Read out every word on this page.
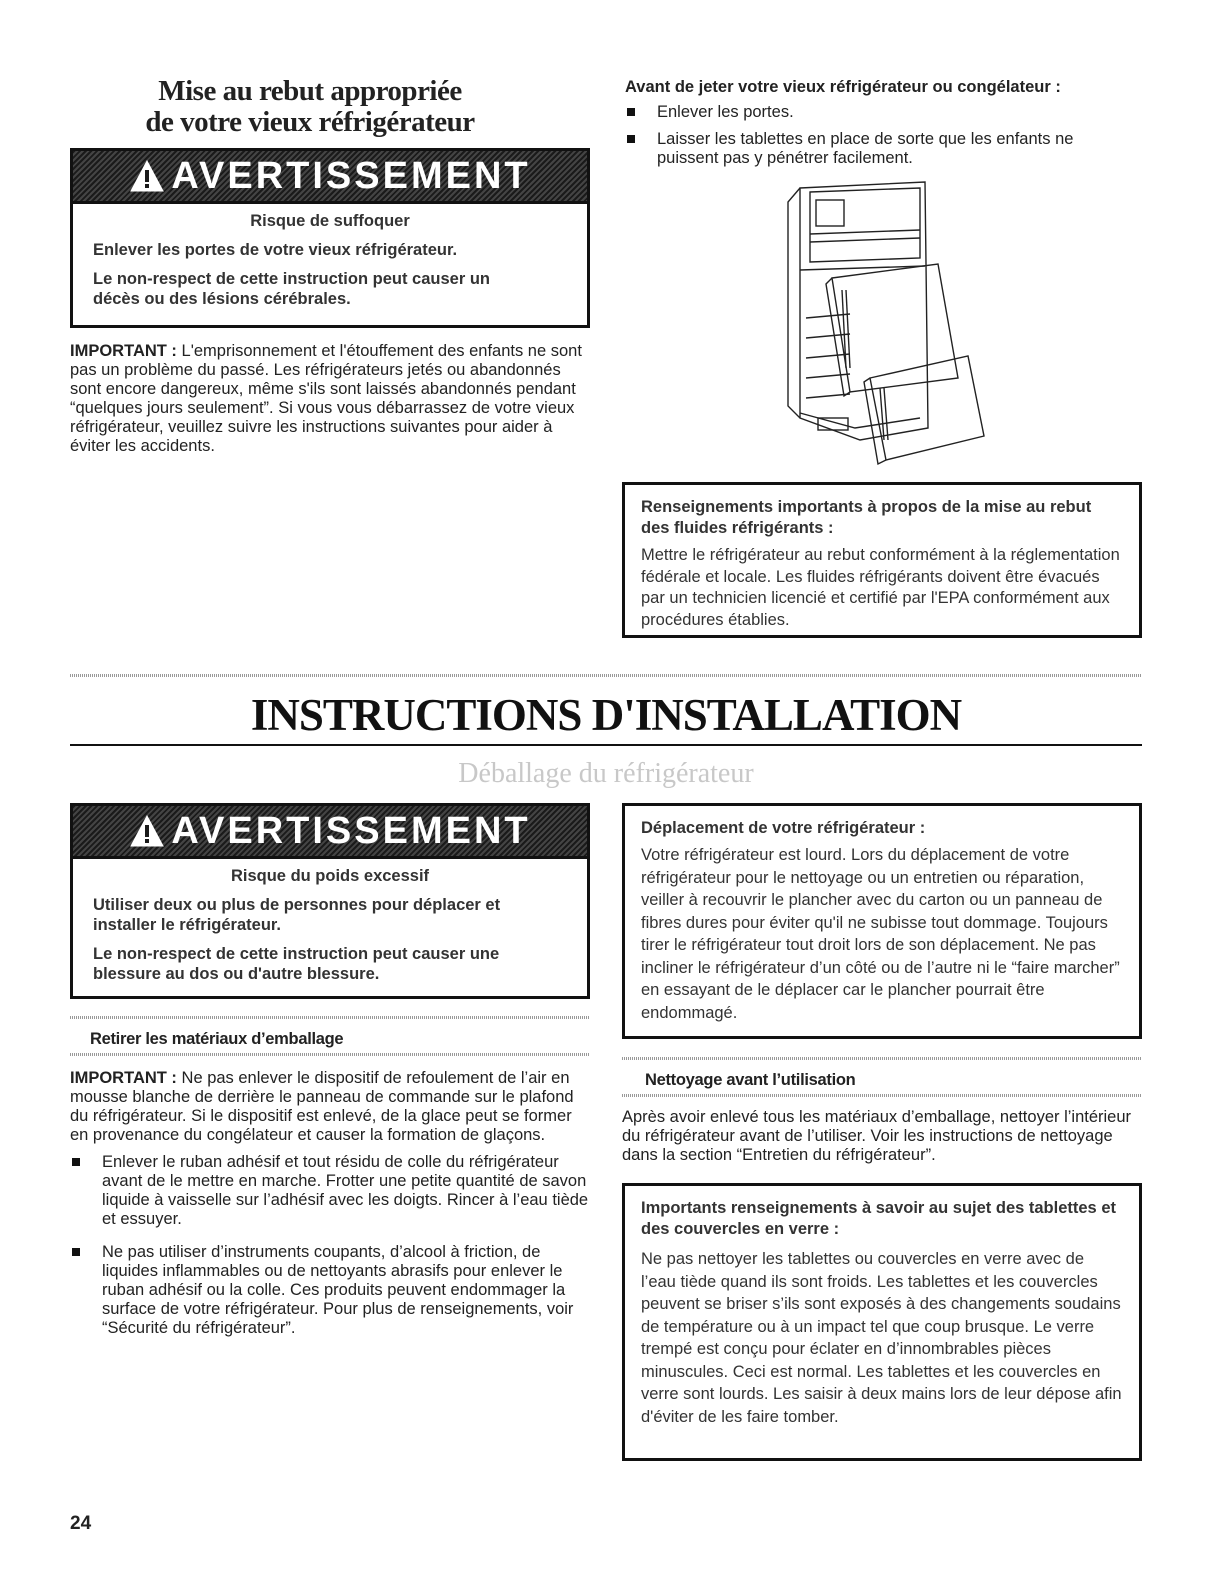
Mise au rebut appropriée
de votre vieux réfrigérateur
AVERTISSEMENT

Risque de suffoquer

Enlever les portes de votre vieux réfrigérateur.

Le non-respect de cette instruction peut causer un décès ou des lésions cérébrales.

IMPORTANT : L'emprisonnement et l'étouffement des enfants ne sont pas un problème du passé. Les réfrigérateurs jetés ou abandonnés sont encore dangereux, même s'ils sont laissés abandonnés pendant “quelques jours seulement”. Si vous vous débarrassez de votre vieux réfrigérateur, veuillez suivre les instructions suivantes pour aider à éviter les accidents.

Avant de jeter votre vieux réfrigérateur ou congélateur :
Enlever les portes.
Laisser les tablettes en place de sorte que les enfants ne puissent pas y pénétrer facilement.

Renseignements importants à propos de la mise au rebut des fluides réfrigérants :

Mettre le réfrigérateur au rebut conformément à la réglementation fédérale et locale. Les fluides réfrigérants doivent être évacués par un technicien licencié et certifié par l'EPA conformément aux procédures établies.

INSTRUCTIONS D'INSTALLATION
Déballage du réfrigérateur
AVERTISSEMENT

Risque du poids excessif

Utiliser deux ou plus de personnes pour déplacer et installer le réfrigérateur.

Le non-respect de cette instruction peut causer une blessure au dos ou d'autre blessure.

Retirer les matériaux d’emballage

IMPORTANT : Ne pas enlever le dispositif de refoulement de l’air en mousse blanche de derrière le panneau de commande sur le plafond du réfrigérateur. Si le dispositif est enlevé, de la glace peut se former en provenance du congélateur et causer la formation de glaçons.

Enlever le ruban adhésif et tout résidu de colle du réfrigérateur avant de le mettre en marche. Frotter une petite quantité de savon liquide à vaisselle sur l’adhésif avec les doigts. Rincer à l’eau tiède et essuyer.
Ne pas utiliser d’instruments coupants, d’alcool à friction, de liquides inflammables ou de nettoyants abrasifs pour enlever le ruban adhésif ou la colle. Ces produits peuvent endommager la surface de votre réfrigérateur. Pour plus de renseignements, voir “Sécurité du réfrigérateur”.

Déplacement de votre réfrigérateur :

Votre réfrigérateur est lourd. Lors du déplacement de votre réfrigérateur pour le nettoyage ou un entretien ou réparation, veiller à recouvrir le plancher avec du carton ou un panneau de fibres dures pour éviter qu'il ne subisse tout dommage. Toujours tirer le réfrigérateur tout droit lors de son déplacement. Ne pas incliner le réfrigérateur d’un côté ou de l’autre ni le “faire marcher” en essayant de le déplacer car le plancher pourrait être endommagé.

Nettoyage avant l’utilisation

Après avoir enlevé tous les matériaux d’emballage, nettoyer l’intérieur du réfrigérateur avant de l’utiliser. Voir les instructions de nettoyage dans la section “Entretien du réfrigérateur”.

Importants renseignements à savoir au sujet des tablettes et des couvercles en verre :

Ne pas nettoyer les tablettes ou couvercles en verre avec de l’eau tiède quand ils sont froids. Les tablettes et les couvercles peuvent se briser s’ils sont exposés à des changements soudains de température ou à un impact tel que coup brusque. Le verre trempé est conçu pour éclater en d’innombrables pièces minuscules. Ceci est normal. Les tablettes et les couvercles en verre sont lourds. Les saisir à deux mains lors de leur dépose afin d'éviter de les faire tomber.

24
